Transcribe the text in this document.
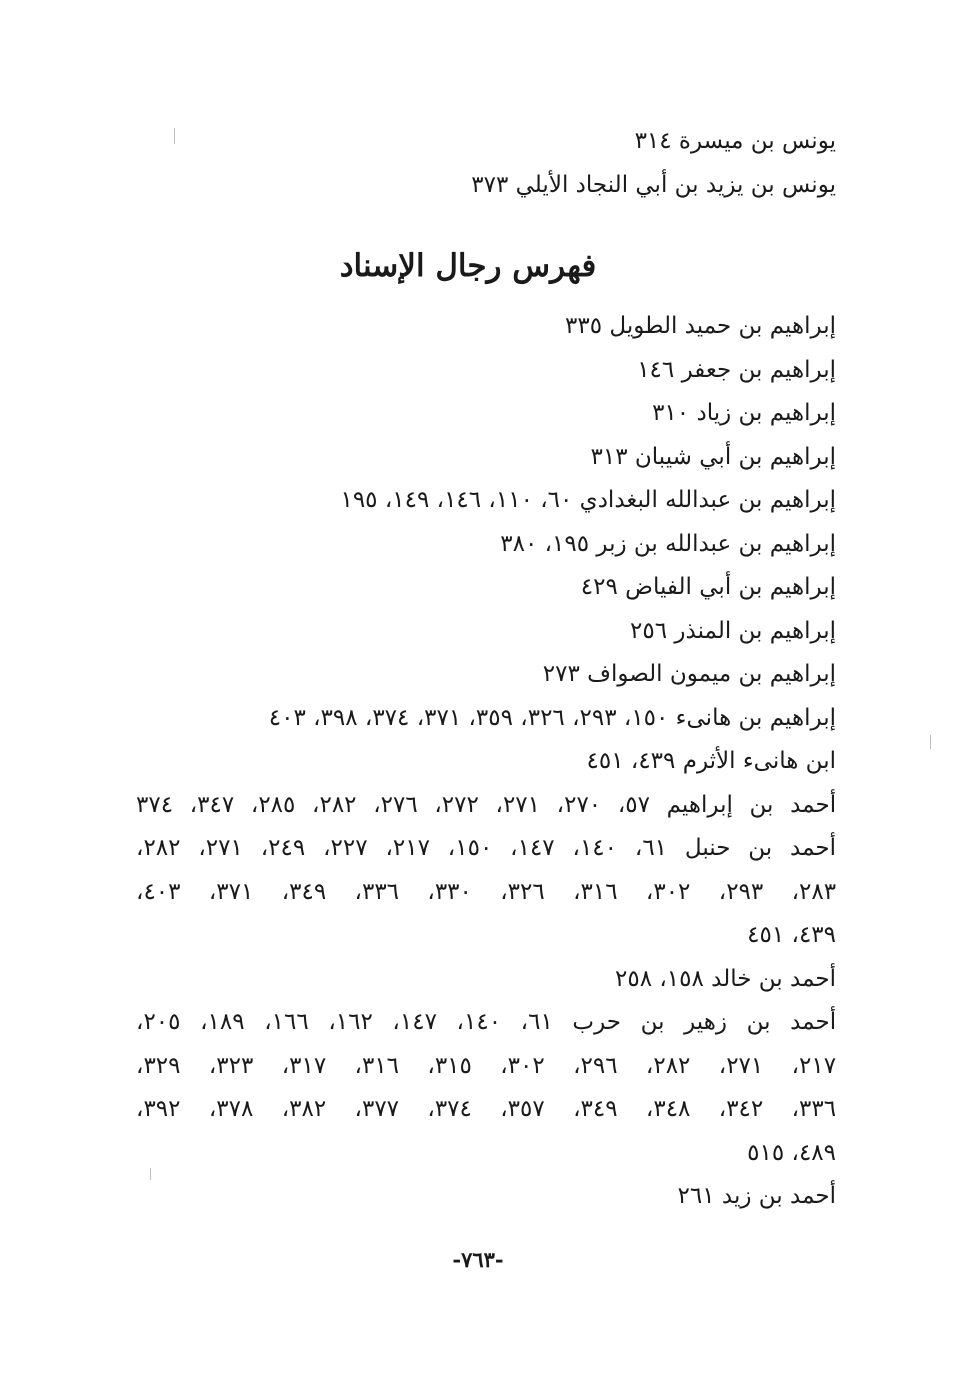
يونس بن ميسرة ٣١٤
يونس بن يزيد بن أبي النجاد الأيلي ٣٧٣
فهرس رجال الإسناد
إبراهيم بن حميد الطويل ٣٣٥
إبراهيم بن جعفر ١٤٦
إبراهيم بن زياد ٣١٠
إبراهيم بن أبي شيبان ٣١٣
إبراهيم بن عبدالله البغدادي ٦٠، ١١٠، ١٤٦، ١٤٩، ١٩٥
إبراهيم بن عبدالله بن زبر ١٩٥، ٣٨٠
إبراهيم بن أبي الفياض ٤٢٩
إبراهيم بن المنذر ٢٥٦
إبراهيم بن ميمون الصواف ٢٧٣
إبراهيم بن هانىء ١٥٠، ٢٩٣، ٣٢٦، ٣٥٩، ٣٧١، ٣٧٤، ٣٩٨، ٤٠٣
ابن هانىء الأثرم ٤٣٩، ٤٥١
أحمد بن إبراهيم ٥٧، ٢٧٠، ٢٧١، ٢٧٢، ٢٧٦، ٢٨٢، ٢٨٥، ٣٤٧، ٣٧٤
أحمد بن حنبل ٦١، ١٤٠، ١٤٧، ١٥٠، ٢١٧، ٢٢٧، ٢٤٩، ٢٧١، ٢٨٢،
٢٨٣، ٢٩٣، ٣٠٢، ٣١٦، ٣٢٦، ٣٣٠، ٣٣٦، ٣٤٩، ٣٧١، ٤٠٣،
٤٣٩، ٤٥١
أحمد بن خالد ١٥٨، ٢٥٨
أحمد بن زهير بن حرب ٦١، ١٤٠، ١٤٧، ١٦٢، ١٦٦، ١٨٩، ٢٠٥،
٢١٧، ٢٧١، ٢٨٢، ٢٩٦، ٣٠٢، ٣١٥، ٣١٦، ٣١٧، ٣٢٣، ٣٢٩،
٣٣٦، ٣٤٢، ٣٤٨، ٣٤٩، ٣٥٧، ٣٧٤، ٣٧٧، ٣٨٢، ٣٧٨، ٣٩٢،
٤٨٩، ٥١٥
أحمد بن زيد ٢٦١
-٧٦٣-
